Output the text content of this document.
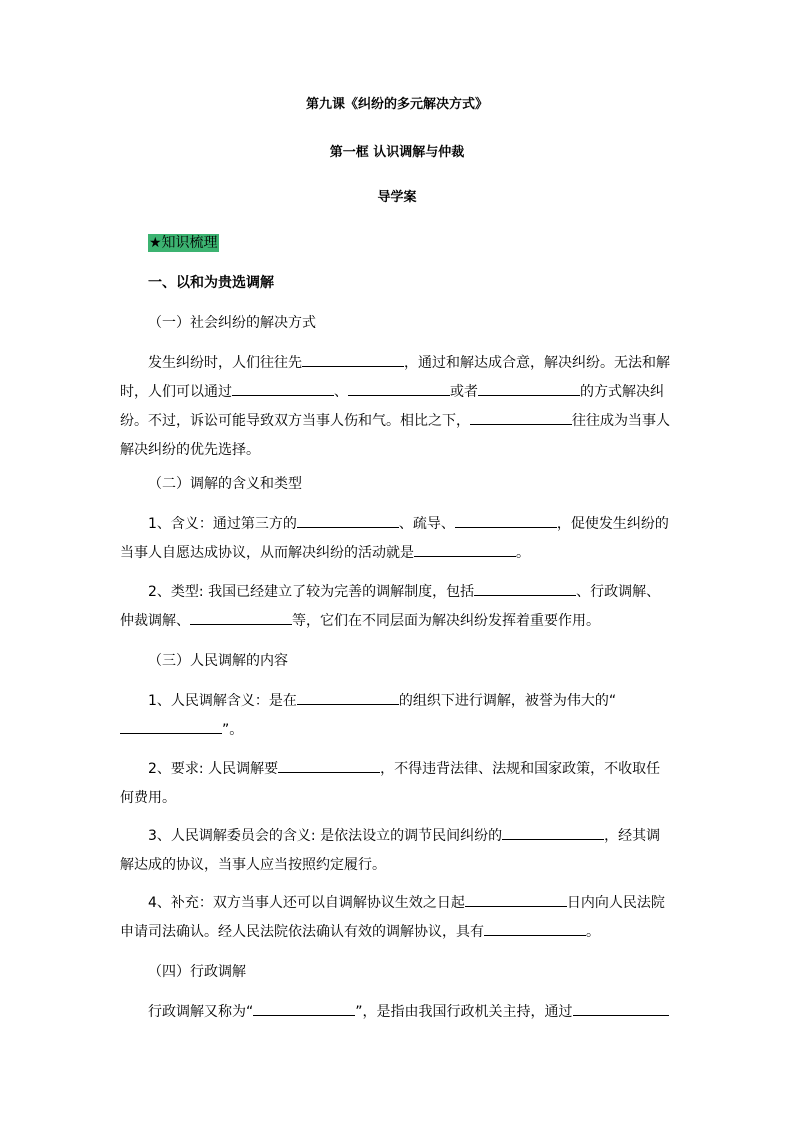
第九课《纠纷的多元解决方式》
第一框 认识调解与仲裁
导学案
★知识梳理
一、以和为贵选调解
（一）社会纠纷的解决方式
发生纠纷时，人们往往先	，通过和解达成合意，解决纠纷。无法和解时，人们可以通过	、	或者	的方式解决纠纷。不过，诉讼可能导致双方当事人伤和气。相比之下，	往往成为当事人解决纠纷的优先选择。
（二）调解的含义和类型
1、含义：通过第三方的	、疏导、	，促使发生纠纷的当事人自愿达成协议，从而解决纠纷的活动就是	。
2、类型: 我国已经建立了较为完善的调解制度，包括	、行政调解、仲裁调解、	等，它们在不同层面为解决纠纷发挥着重要作用。
（三）人民调解的内容
1、人民调解含义：是在	的组织下进行调解，被誉为伟大的“”。
2、要求: 人民调解要	，不得违背法律、法规和国家政策，不收取任何费用。
3、人民调解委员会的含义: 是依法设立的调节民间纠纷的	，经其调解达成的协议，当事人应当按照约定履行。
4、补充：双方当事人还可以自调解协议生效之日起	日内向人民法院申请司法确认。经人民法院依法确认有效的调解协议，具有	。
（四）行政调解
行政调解又称为“	”，是指由我国行政机关主持，通过
